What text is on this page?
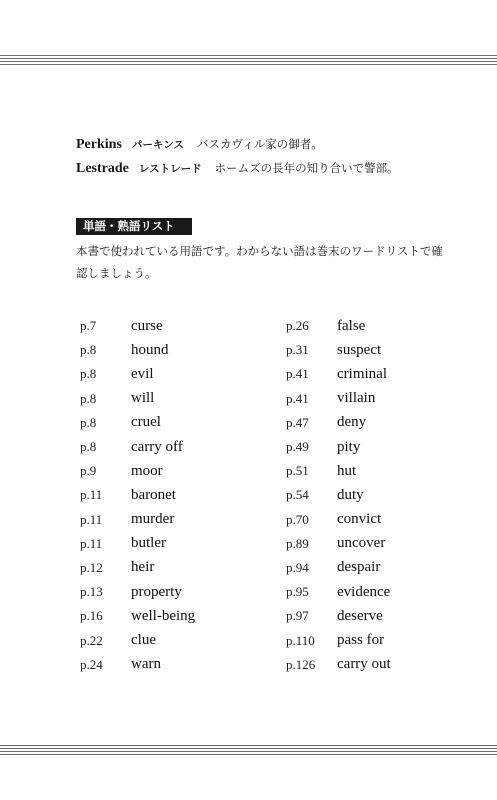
Perkins パーキンス バスカヴィル家の御者。
Lestrade レストレード ホームズの長年の知り合いで警部。
単語・熟語リスト
本書で使われている用語です。わからない語は巻末のワードリストで確認しましょう。
p.7	curse
p.8	hound
p.8	evil
p.8	will
p.8	cruel
p.8	carry off
p.9	moor
p.11	baronet
p.11	murder
p.11	butler
p.12	heir
p.13	property
p.16	well-being
p.22	clue
p.24	warn
p.26	false
p.31	suspect
p.41	criminal
p.41	villain
p.47	deny
p.49	pity
p.51	hut
p.54	duty
p.70	convict
p.89	uncover
p.94	despair
p.95	evidence
p.97	deserve
p.110	pass for
p.126	carry out
